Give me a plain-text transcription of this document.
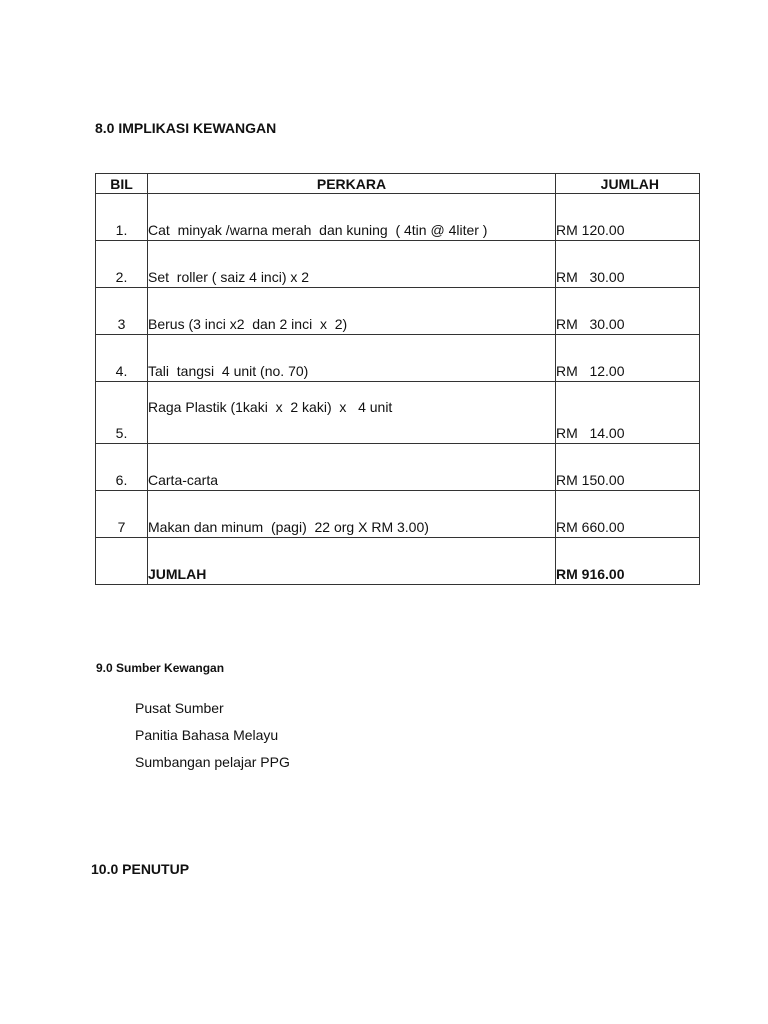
8.0 IMPLIKASI KEWANGAN
BIL	PERKARA	JUMLAH
1.	Cat  minyak /warna merah  dan kuning  ( 4tin @ 4liter )	RM 120.00
2.	Set  roller ( saiz 4 inci) x 2	RM   30.00
3	Berus (3 inci x2  dan 2 inci  x  2)	RM   30.00
4.	Tali  tangsi  4 unit (no. 70)	RM   12.00
5.	Raga Plastik (1kaki  x  2 kaki)  x   4 unit	RM   14.00
6.	Carta-carta	RM 150.00
7	Makan dan minum  (pagi)  22 org X RM 3.00)	RM 660.00
	JUMLAH	RM 916.00
9.0 Sumber Kewangan
Pusat Sumber
Panitia Bahasa Melayu
Sumbangan pelajar PPG
10.0 PENUTUP
